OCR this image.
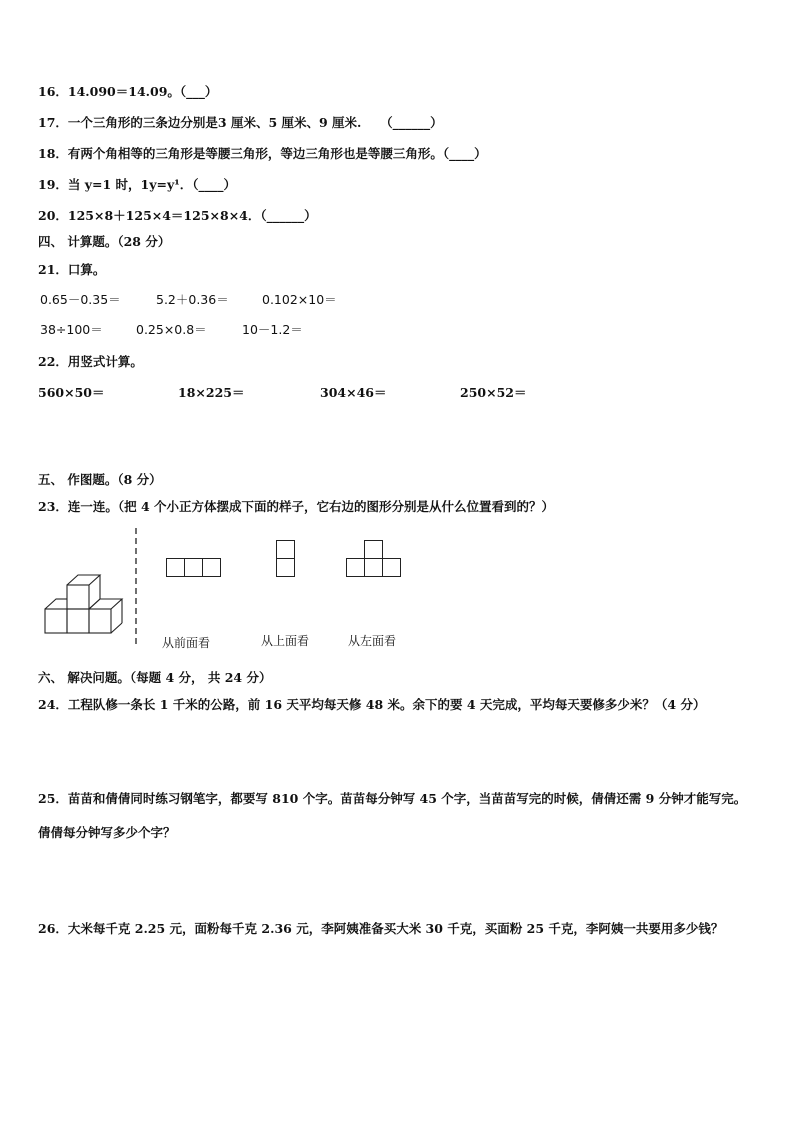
16．14.090＝14.09。（___）
17．一个三角形的三条边分别是3 厘米、5 厘米、9 厘米.　　（______）
18．有两个角相等的三角形是等腰三角形，等边三角形也是等腰三角形。（____）
19．当 y=1 时，1y=y¹．（____）
20．125×8＋125×4＝125×8×4．（______）
四、 计算题。（28 分）
21．口算。
0.65－0.35＝	5.2＋0.36＝	0.102×10＝
38÷100＝	0.25×0.8＝	10－1.2＝
22．用竖式计算。
560×50＝	18×225＝	304×46＝	250×52＝
五、 作图题。（8 分）
23．连一连。（把 4 个小正方体摆成下面的样子，它右边的图形分别是从什么位置看到的？）
从前面看	从上面看	从左面看
六、 解决问题。（每题 4 分， 共 24 分）
24．工程队修一条长 1 千米的公路，前 16 天平均每天修 48 米。余下的要 4 天完成，平均每天要修多少米？（4 分）
25．苗苗和倩倩同时练习钢笔字，都要写 810 个字。苗苗每分钟写 45 个字，当苗苗写完的时候，倩倩还需 9 分钟才能写完。倩倩每分钟写多少个字？
26．大米每千克 2.25 元，面粉每千克 2.36 元，李阿姨准备买大米 30 千克，买面粉 25 千克，李阿姨一共要用多少钱？
